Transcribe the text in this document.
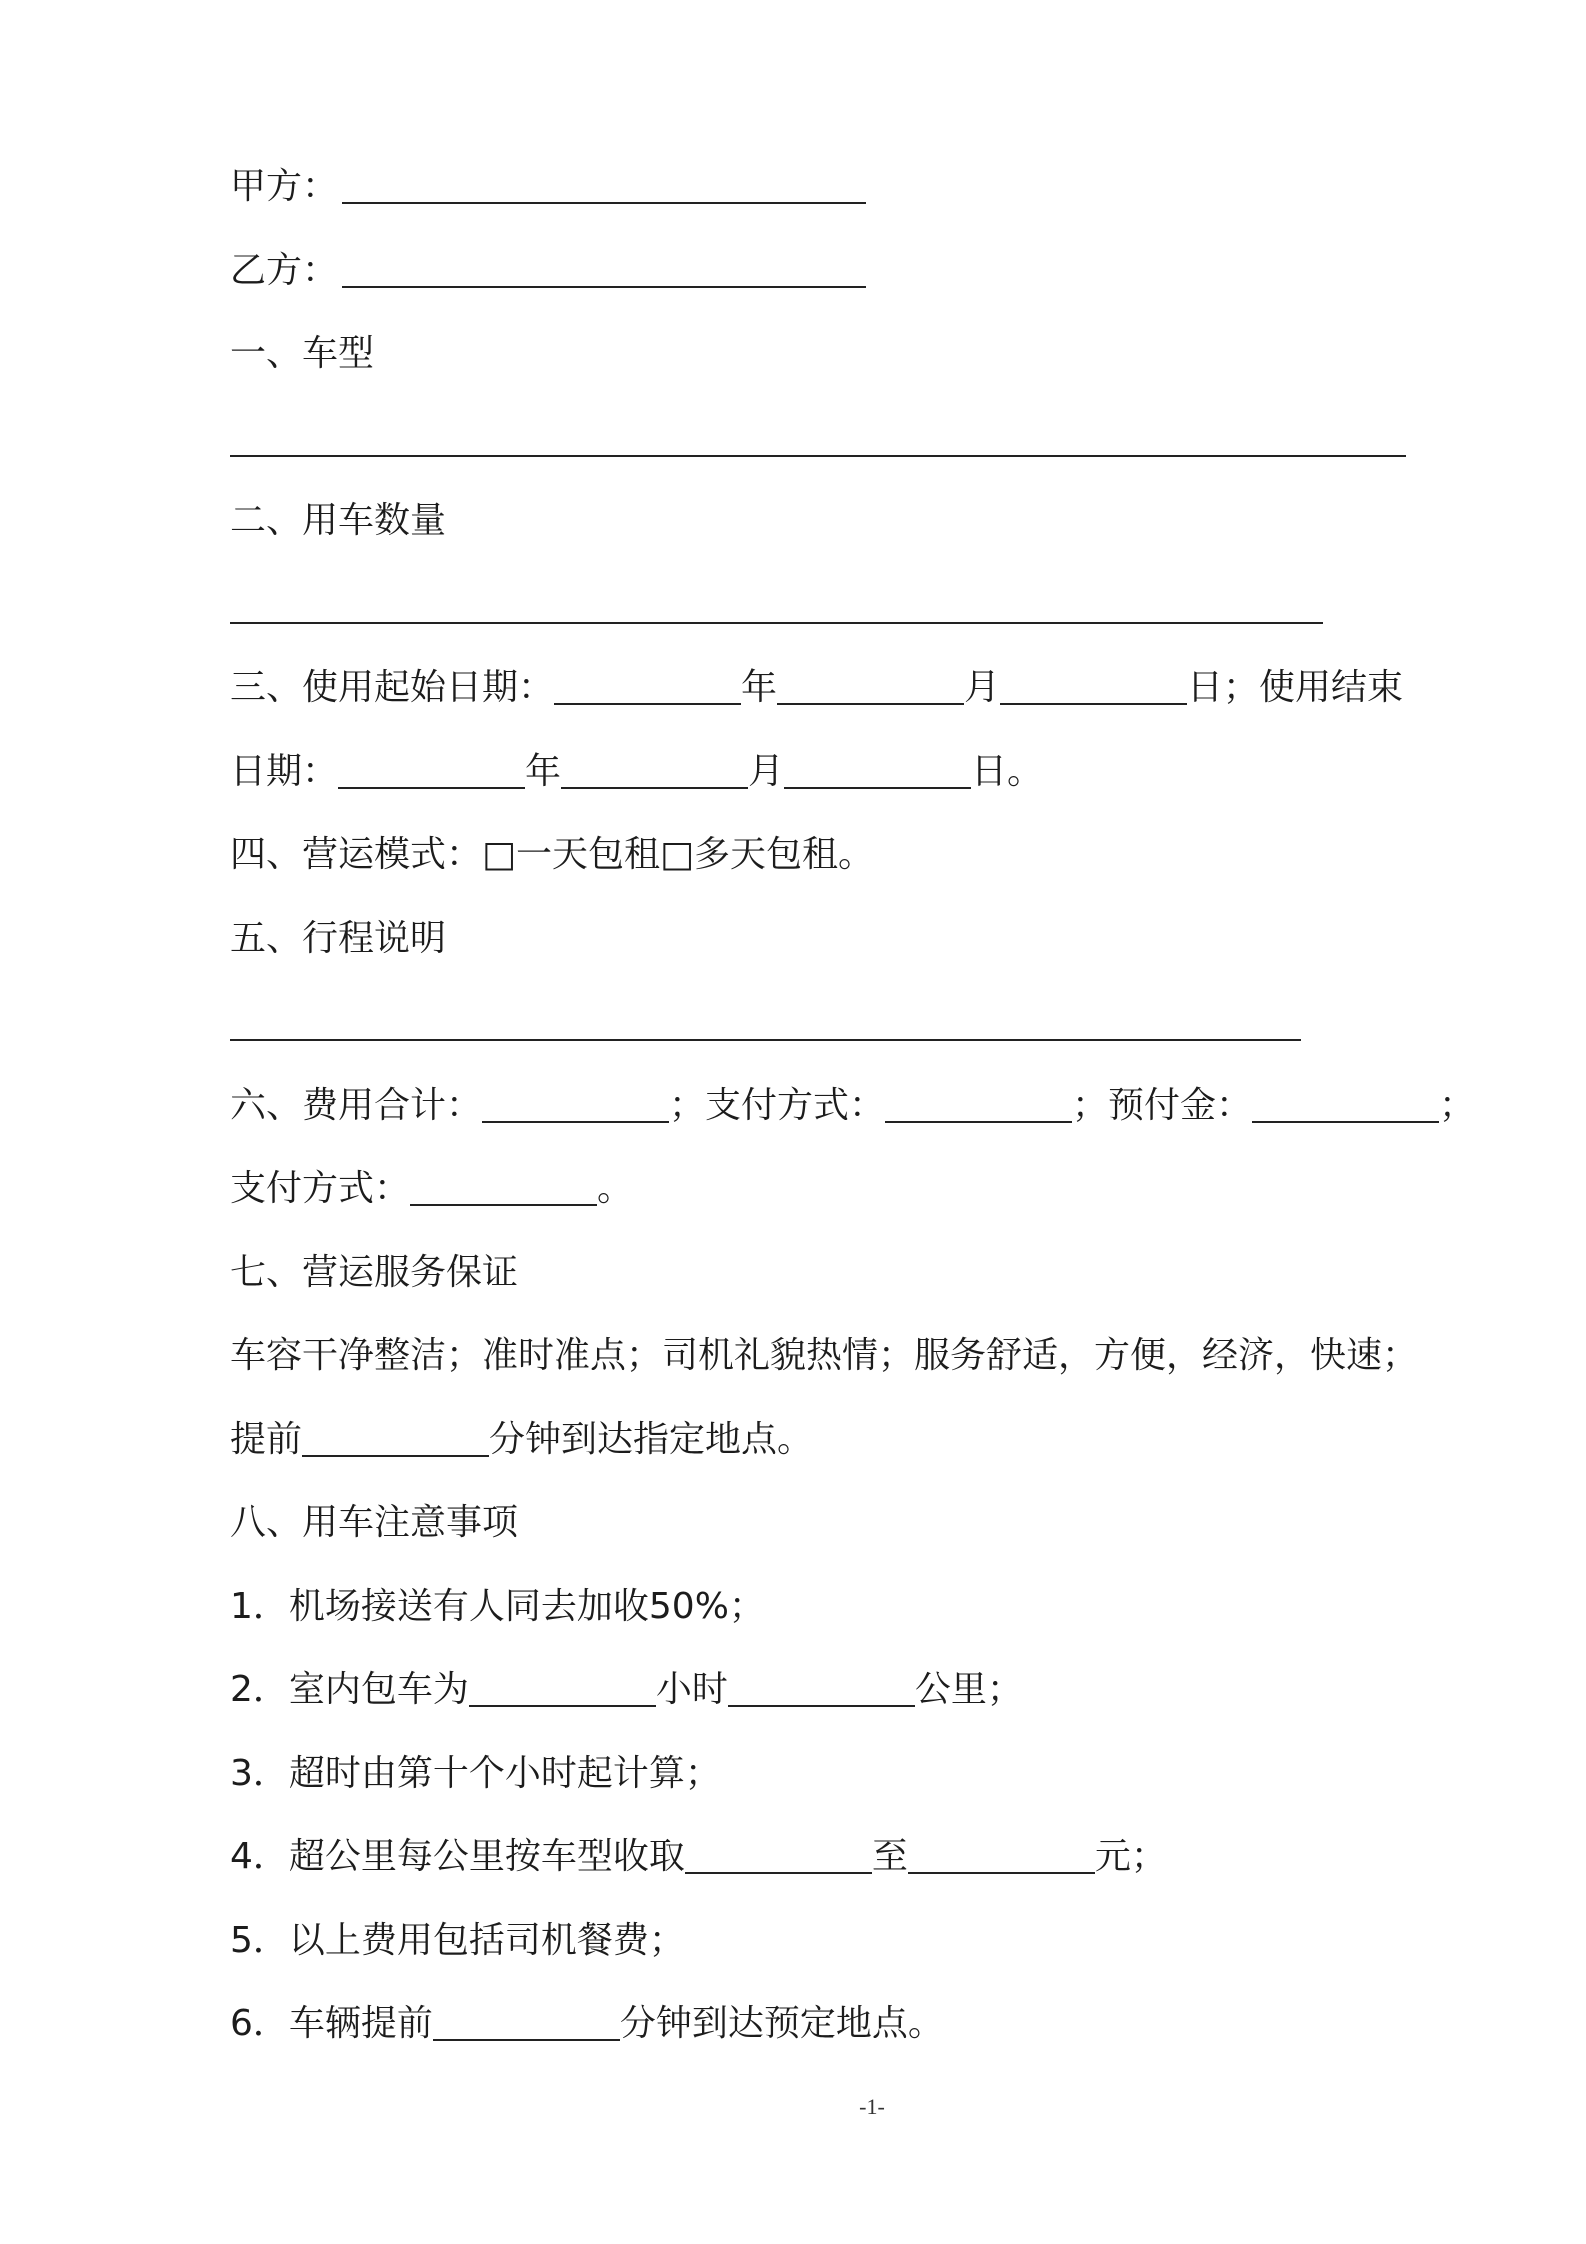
甲方：
乙方：
一、车型
二、用车数量
三、使用起始日期：	年	月	日；使用结束
日期：	年	月	日。
四、营运模式：□一天包租□多天包租。
五、行程说明
六、费用合计：	；支付方式：	；预付金：	；
支付方式：	。
七、营运服务保证
车容干净整洁；准时准点；司机礼貌热情；服务舒适，方便，经济，快速；
提前	分钟到达指定地点。
八、用车注意事项
1．机场接送有人同去加收50%；
2．室内包车为	小时	公里；
3．超时由第十个小时起计算；
4．超公里每公里按车型收取	至	元；
5．以上费用包括司机餐费；
6．车辆提前	分钟到达预定地点。
-1-
